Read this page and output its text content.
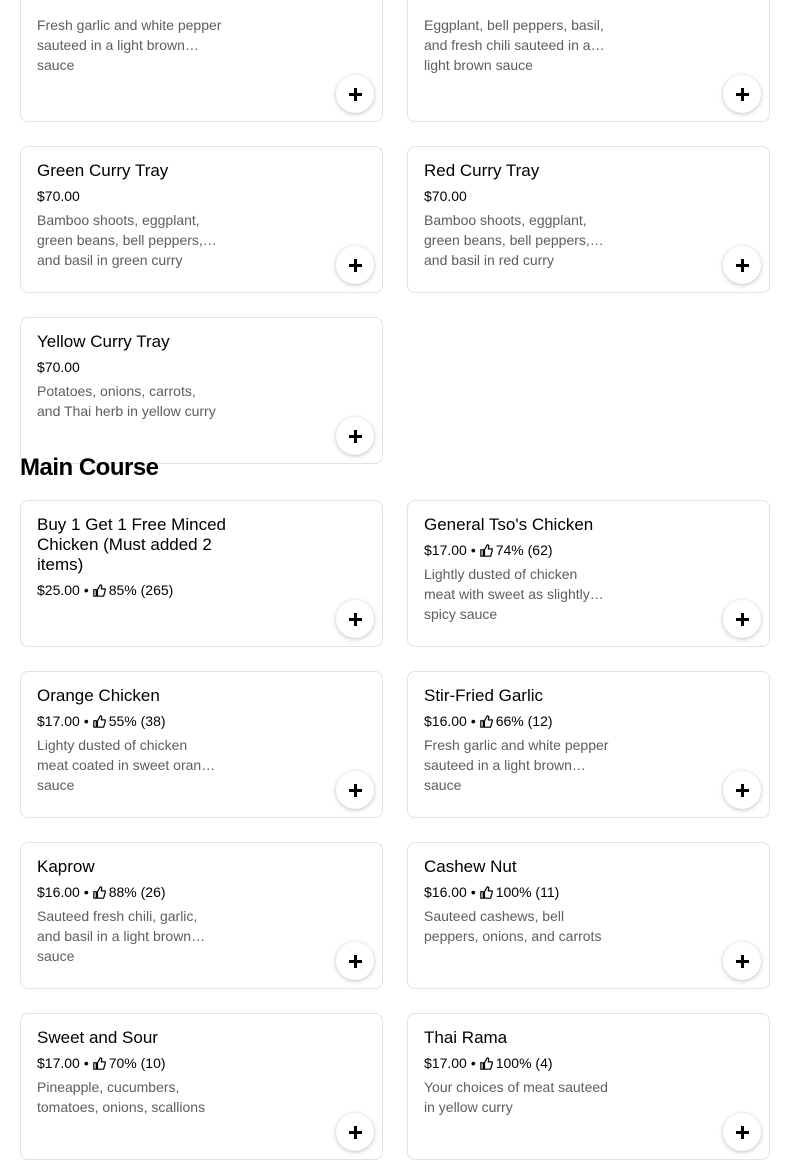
Fresh garlic and white pepper sauteed in a light brown sauce
Eggplant, bell peppers, basil, and fresh chili sauteed in a light brown sauce
Green Curry Tray
$70.00
Bamboo shoots, eggplant, green beans, bell peppers, and basil in green curry
Red Curry Tray
$70.00
Bamboo shoots, eggplant, green beans, bell peppers, and basil in red curry
Yellow Curry Tray
$70.00
Potatoes, onions, carrots, and Thai herb in yellow curry
Main Course
Buy 1 Get 1 Free Minced Chicken (Must added 2 items)
$25.00 • 85% (265)
General Tso's Chicken
$17.00 • 74% (62)
Lightly dusted of chicken meat with sweet as slightly spicy sauce
Orange Chicken
$17.00 • 55% (38)
Lighty dusted of chicken meat coated in sweet orange sauce
Stir-Fried Garlic
$16.00 • 66% (12)
Fresh garlic and white pepper sauteed in a light brown sauce
Kaprow
$16.00 • 88% (26)
Sauteed fresh chili, garlic, and basil in a light brown sauce
Cashew Nut
$16.00 • 100% (11)
Sauteed cashews, bell peppers, onions, and carrots
Sweet and Sour
$17.00 • 70% (10)
Pineapple, cucumbers, tomatoes, onions, scallions
Thai Rama
$17.00 • 100% (4)
Your choices of meat sauteed in yellow curry
